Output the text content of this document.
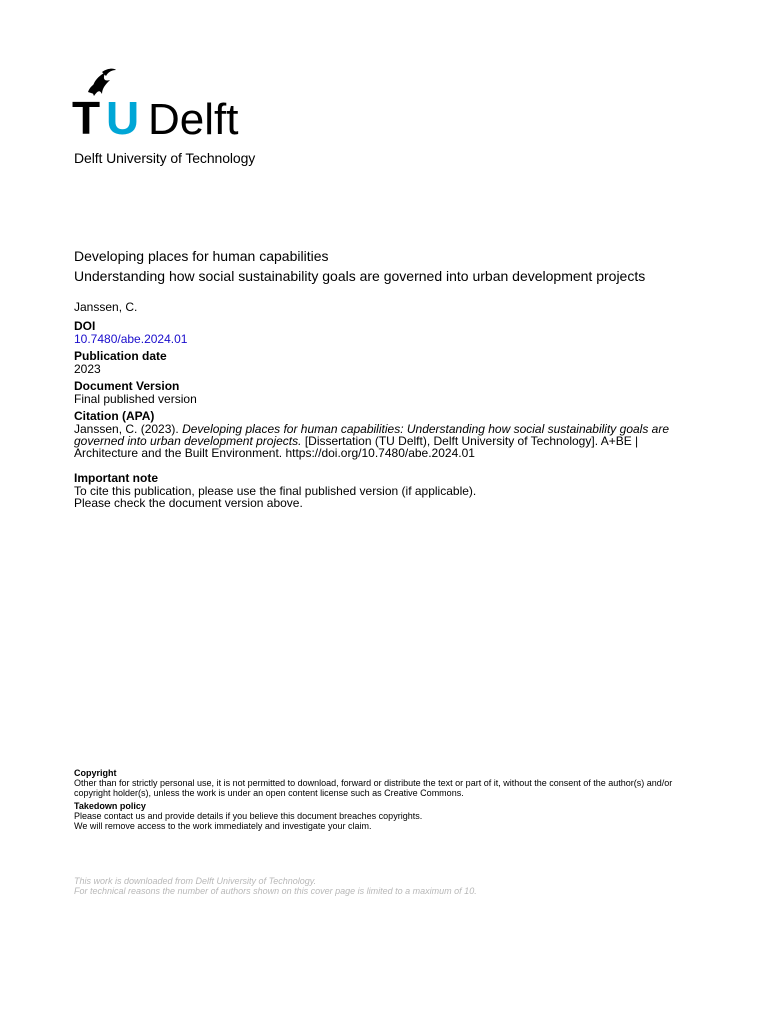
T U Delft
Delft University of Technology
Developing places for human capabilities
Understanding how social sustainability goals are governed into urban development projects
Janssen, C.
DOI
10.7480/abe.2024.01
Publication date
2023
Document Version
Final published version
Citation (APA)
Janssen, C. (2023). Developing places for human capabilities: Understanding how social sustainability goals are governed into urban development projects. [Dissertation (TU Delft), Delft University of Technology]. A+BE | Architecture and the Built Environment. https://doi.org/10.7480/abe.2024.01
Important note
To cite this publication, please use the final published version (if applicable).
Please check the document version above.
Copyright
Other than for strictly personal use, it is not permitted to download, forward or distribute the text or part of it, without the consent of the author(s) and/or copyright holder(s), unless the work is under an open content license such as Creative Commons.
Takedown policy
Please contact us and provide details if you believe this document breaches copyrights.
We will remove access to the work immediately and investigate your claim.
This work is downloaded from Delft University of Technology.
For technical reasons the number of authors shown on this cover page is limited to a maximum of 10.
